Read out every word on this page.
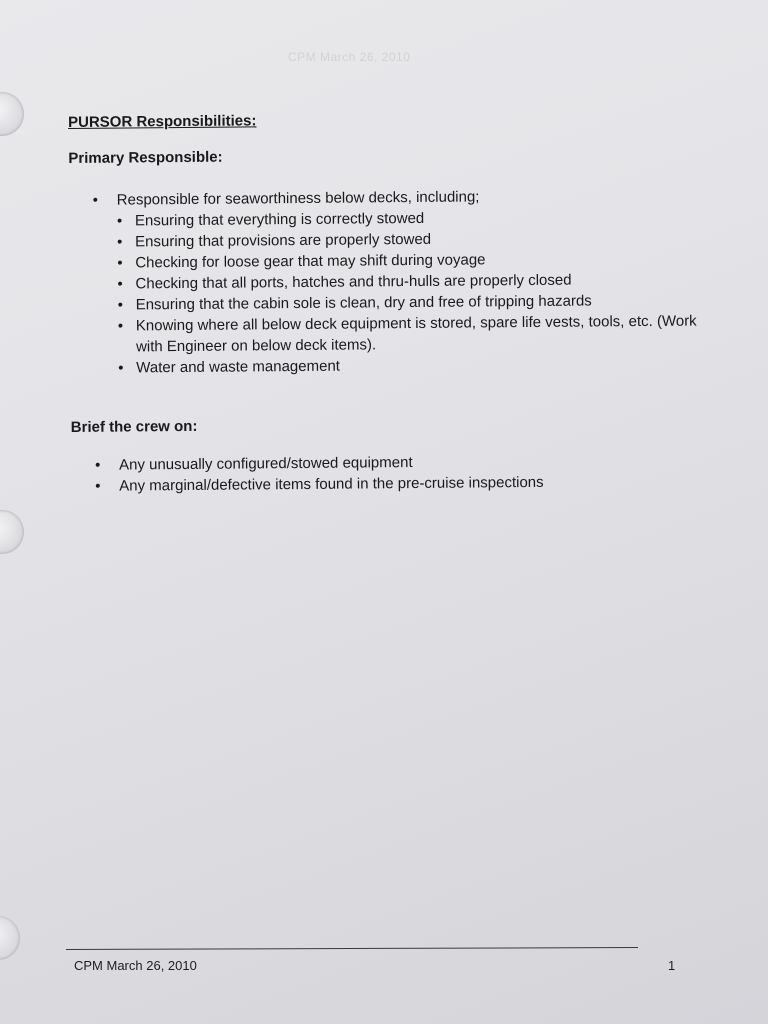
CPM March 26, 2010
PURSOR Responsibilities:
Primary Responsible:
• Responsible for seaworthiness below decks, including;
• Ensuring that everything is correctly stowed
• Ensuring that provisions are properly stowed
• Checking for loose gear that may shift during voyage
• Checking that all ports, hatches and thru-hulls are properly closed
• Ensuring that the cabin sole is clean, dry and free of tripping hazards
• Knowing where all below deck equipment is stored, spare life vests, tools, etc. (Work with Engineer on below deck items).
• Water and waste management
Brief the crew on:
• Any unusually configured/stowed equipment
• Any marginal/defective items found in the pre-cruise inspections
CPM March 26, 2010	1
